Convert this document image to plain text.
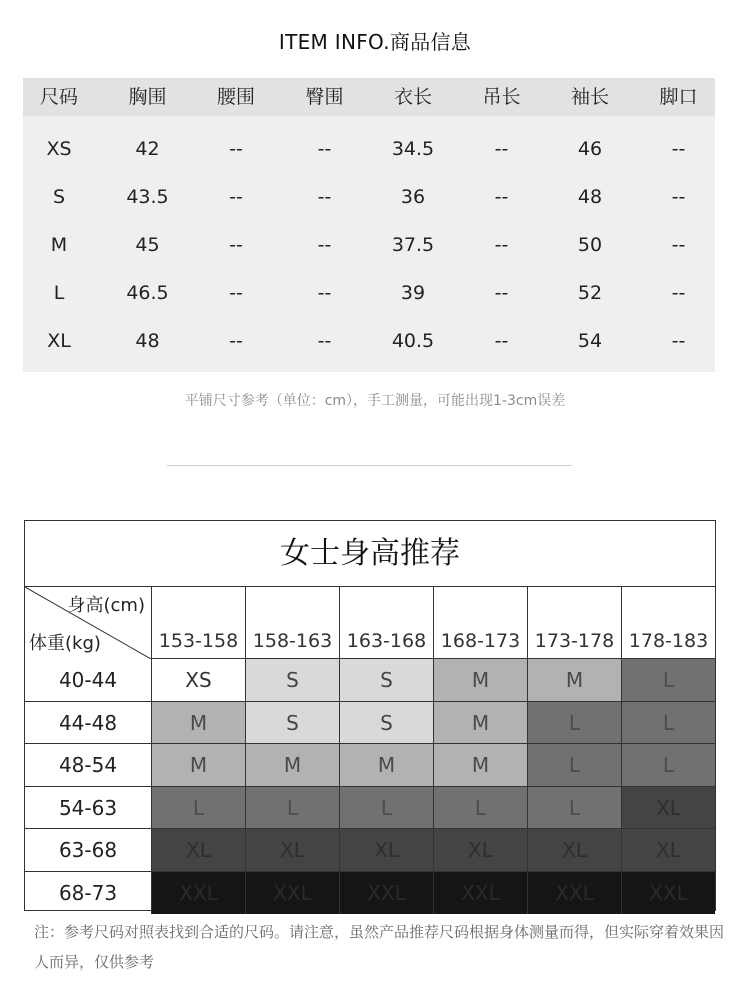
ITEM INFO.商品信息
尺码	胸围	腰围	臀围	衣长	吊长	袖长	脚口
XS	42	--	--	34.5	--	46	--
S	43.5	--	--	36	--	48	--
M	45	--	--	37.5	--	50	--
L	46.5	--	--	39	--	52	--
XL	48	--	--	40.5	--	54	--
平铺尺寸参考（单位：cm），手工测量，可能出现1-3cm误差
女士身高推荐
身高(cm)
体重(kg)	153-158 158-163 163-168 168-173 173-178 178-183
40-44	XS	S	S	M	M	L
44-48	M	S	S	M	L	L
48-54	M	M	M	M	L	L
54-63	L	L	L	L	L	XL
63-68	XL	XL	XL	XL	XL	XL
68-73	XXL	XXL	XXL	XXL	XXL	XXL
注：参考尺码对照表找到合适的尺码。请注意，虽然产品推荐尺码根据身体测量而得，但实际穿着效果因人而异，仅供参考
